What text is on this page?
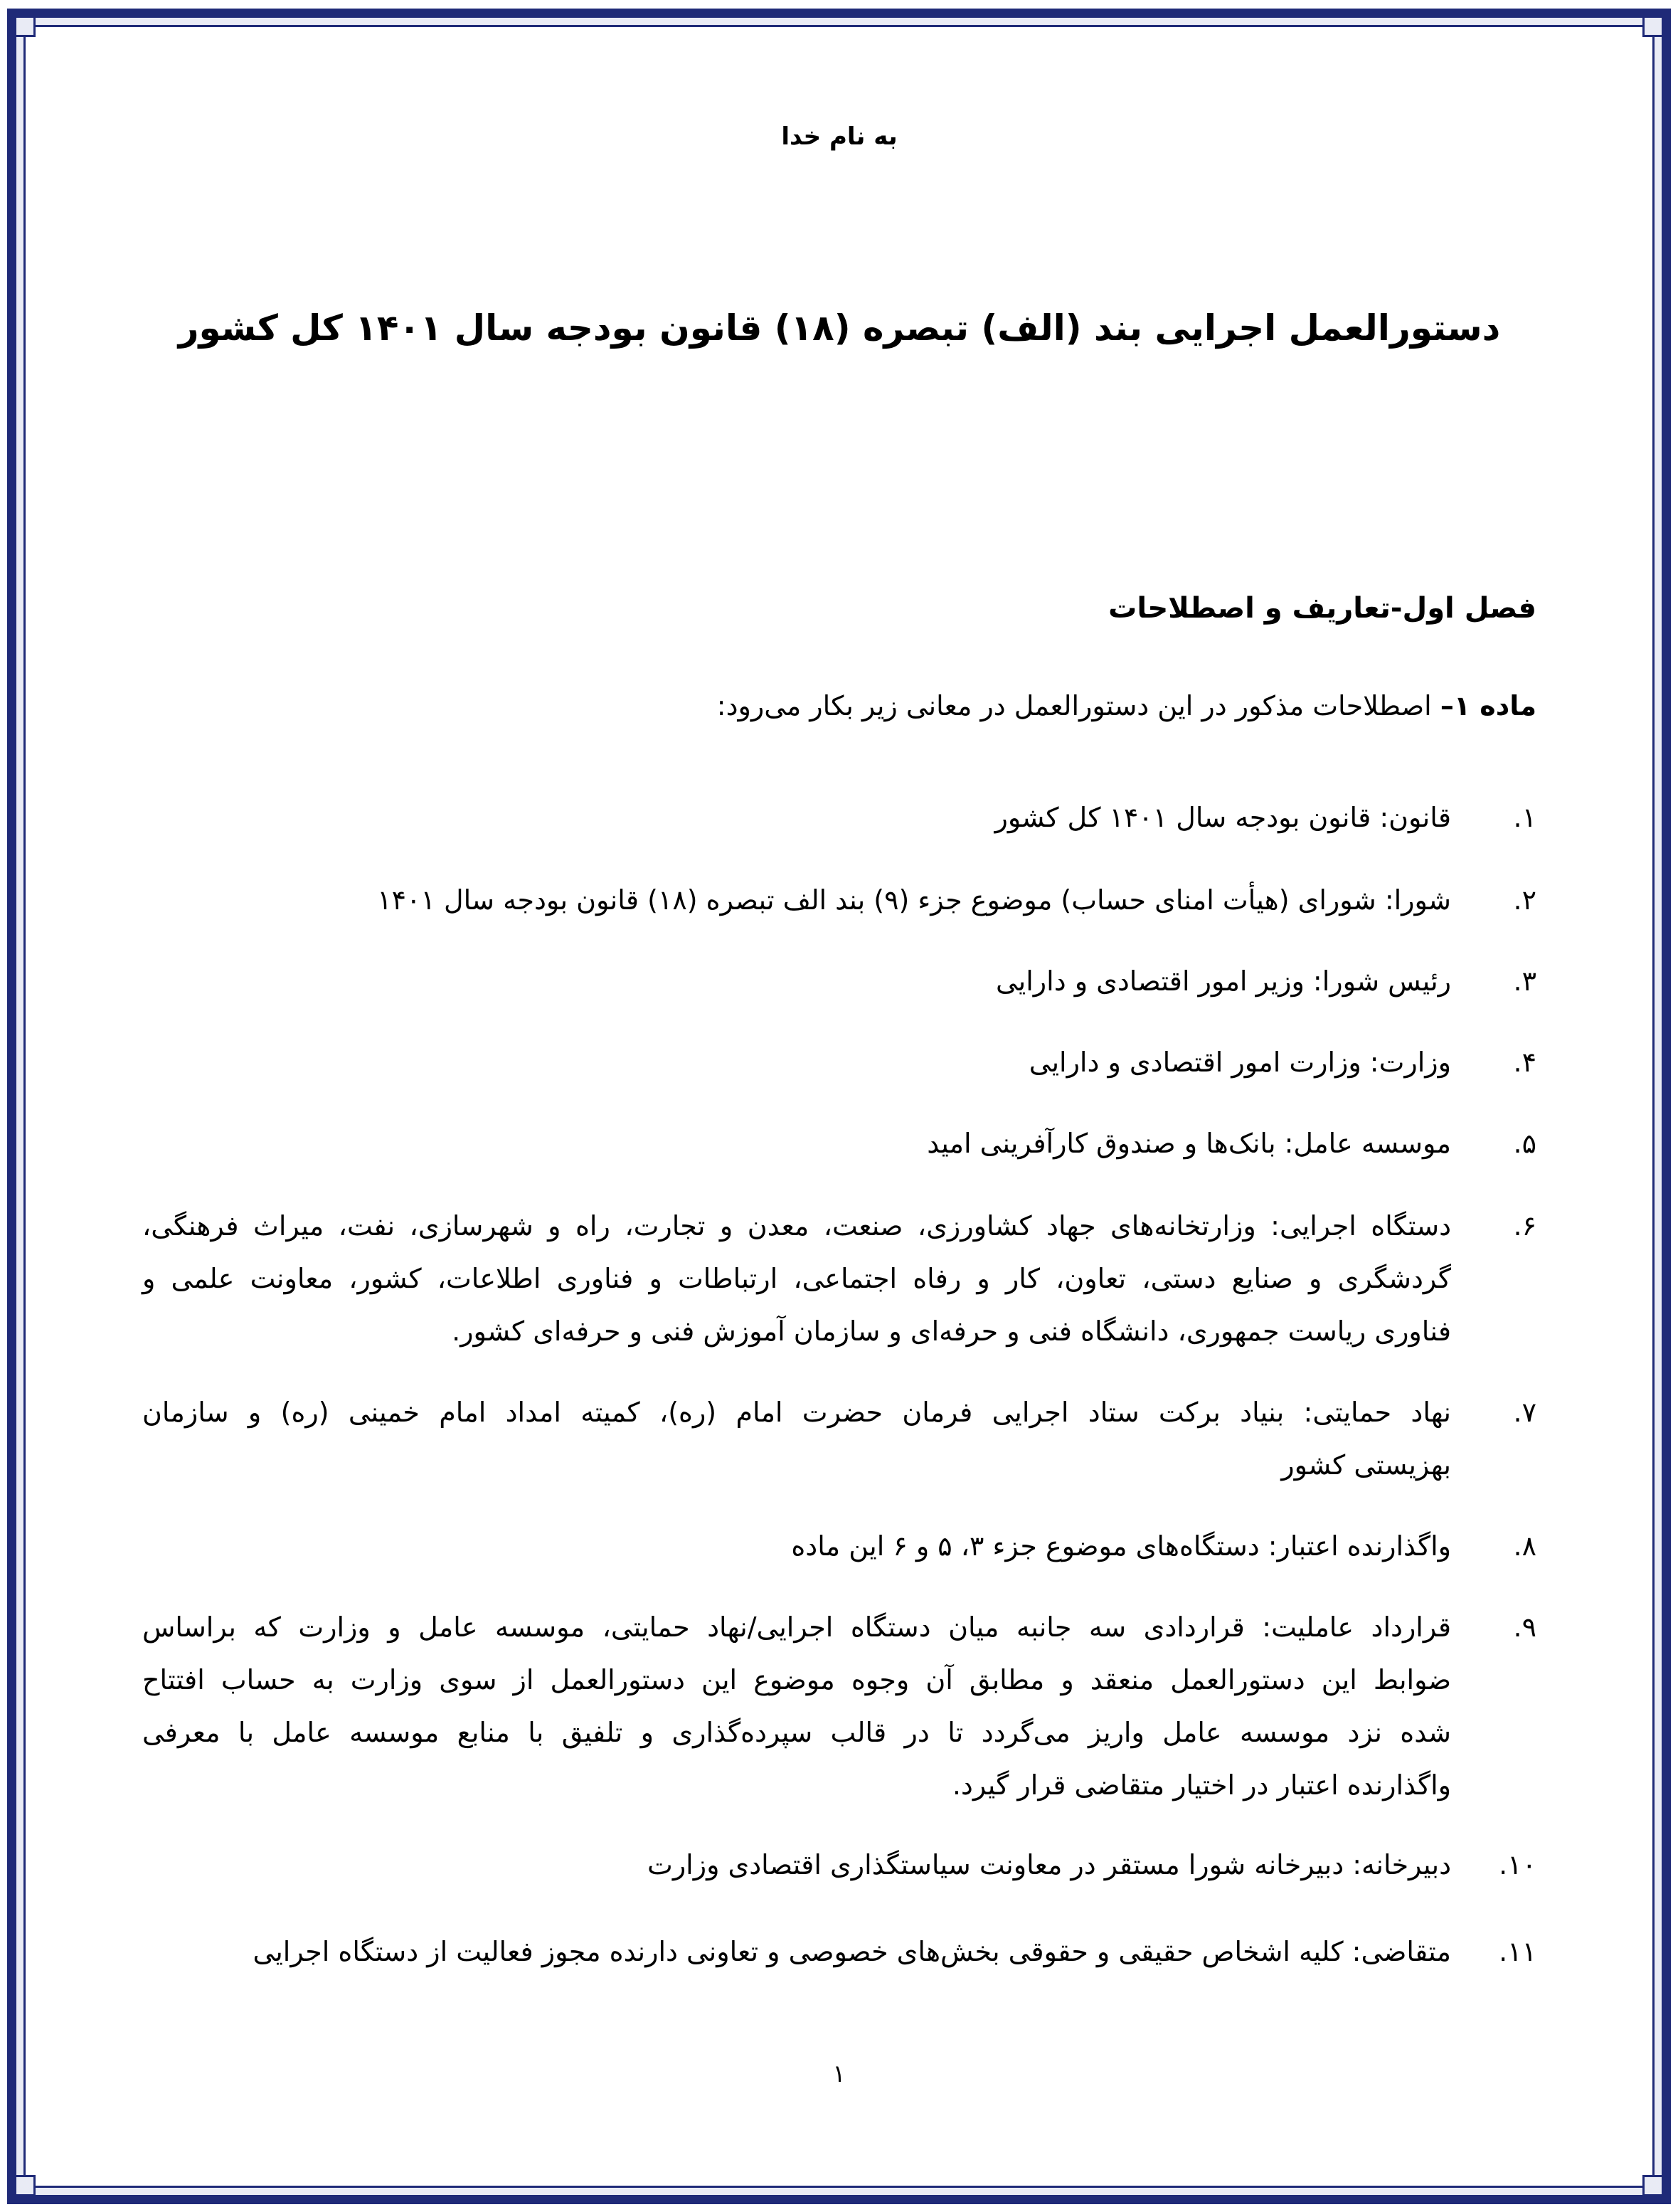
به نام خدا
دستورالعمل اجرایی بند (الف) تبصره (۱۸) قانون بودجه سال ۱۴۰۱ کل کشور
فصل اول-تعاریف و اصطلاحات
ماده ۱– اصطلاحات مذکور در این دستورالعمل در معانی زیر بکار می‌رود:
۱.
قانون: قانون بودجه سال ۱۴۰۱ کل کشور
۲.
شورا: شورای (هیأت امنای حساب) موضوع جزء (۹) بند الف تبصره (۱۸) قانون بودجه سال ۱۴۰۱
۳.
رئیس شورا: وزیر امور اقتصادی و دارایی
۴.
وزارت: وزارت امور اقتصادی و دارایی
۵.
موسسه عامل: بانک‌ها و صندوق کارآفرینی امید
۶.
دستگاه اجرایی: وزارتخانه‌های جهاد کشاورزی، صنعت، معدن و تجارت، راه و شهرسازی، نفت، میراث فرهنگی،
گردشگری و صنایع دستی، تعاون، کار و رفاه اجتماعی، ارتباطات و فناوری اطلاعات، کشور، معاونت علمی و
فناوری ریاست جمهوری، دانشگاه فنی و حرفه‌ای و سازمان آموزش فنی و حرفه‌ای کشور.
۷.
نهاد حمایتی: بنیاد برکت ستاد اجرایی فرمان حضرت امام (ره)، کمیته امداد امام خمینی (ره) و سازمان
بهزیستی کشور
۸.
واگذارنده اعتبار: دستگاه‌های موضوع جزء ۳، ۵ و ۶ این ماده
۹.
قرارداد عاملیت: قراردادی سه جانبه میان دستگاه اجرایی/نهاد حمایتی، موسسه عامل و وزارت که براساس
ضوابط این دستورالعمل منعقد و مطابق آن وجوه موضوع این دستورالعمل از سوی وزارت به حساب افتتاح
شده نزد موسسه عامل واریز می‌گردد تا در قالب سپرده‌گذاری و تلفیق با منابع موسسه عامل با معرفی
واگذارنده اعتبار در اختیار متقاضی قرار گیرد.
۱۰.
دبیرخانه: دبیرخانه شورا مستقر در معاونت سیاستگذاری اقتصادی وزارت
۱۱.
متقاضی: کلیه اشخاص حقیقی و حقوقی بخش‌های خصوصی و تعاونی دارنده مجوز فعالیت از دستگاه اجرایی
۱
